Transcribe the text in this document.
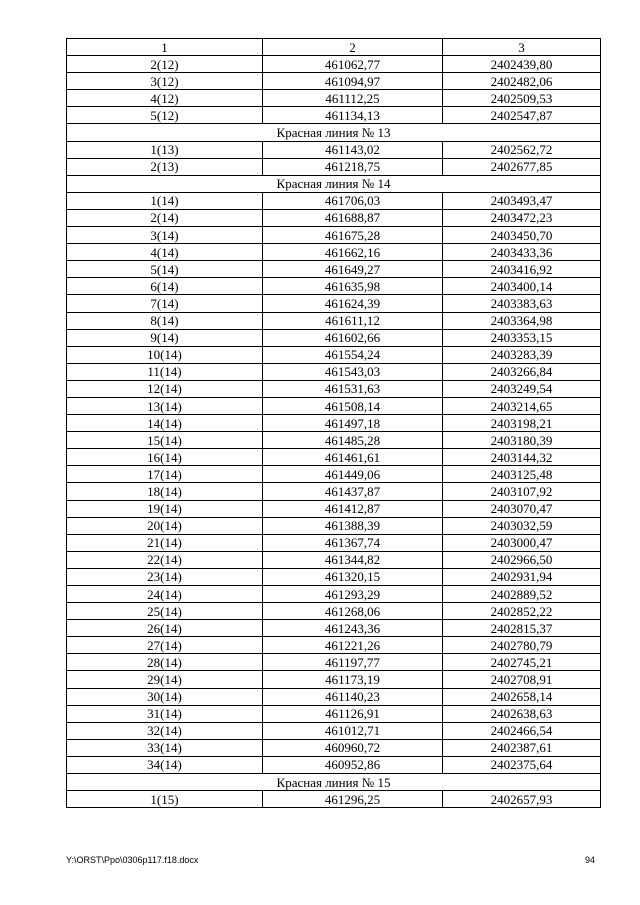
1	2	3
2(12)	461062,77	2402439,80
3(12)	461094,97	2402482,06
4(12)	461112,25	2402509,53
5(12)	461134,13	2402547,87
Красная линия № 13		
1(13)	461143,02	2402562,72
2(13)	461218,75	2402677,85
Красная линия № 14		
1(14)	461706,03	2403493,47
2(14)	461688,87	2403472,23
3(14)	461675,28	2403450,70
4(14)	461662,16	2403433,36
5(14)	461649,27	2403416,92
6(14)	461635,98	2403400,14
7(14)	461624,39	2403383,63
8(14)	461611,12	2403364,98
9(14)	461602,66	2403353,15
10(14)	461554,24	2403283,39
11(14)	461543,03	2403266,84
12(14)	461531,63	2403249,54
13(14)	461508,14	2403214,65
14(14)	461497,18	2403198,21
15(14)	461485,28	2403180,39
16(14)	461461,61	2403144,32
17(14)	461449,06	2403125,48
18(14)	461437,87	2403107,92
19(14)	461412,87	2403070,47
20(14)	461388,39	2403032,59
21(14)	461367,74	2403000,47
22(14)	461344,82	2402966,50
23(14)	461320,15	2402931,94
24(14)	461293,29	2402889,52
25(14)	461268,06	2402852,22
26(14)	461243,36	2402815,37
27(14)	461221,26	2402780,79
28(14)	461197,77	2402745,21
29(14)	461173,19	2402708,91
30(14)	461140,23	2402658,14
31(14)	461126,91	2402638,63
32(14)	461012,71	2402466,54
33(14)	460960,72	2402387,61
34(14)	460952,86	2402375,64
Красная линия № 15		
1(15)	461296,25	2402657,93
Y:\ORST\Ppo\0306p117.f18.docx	94
